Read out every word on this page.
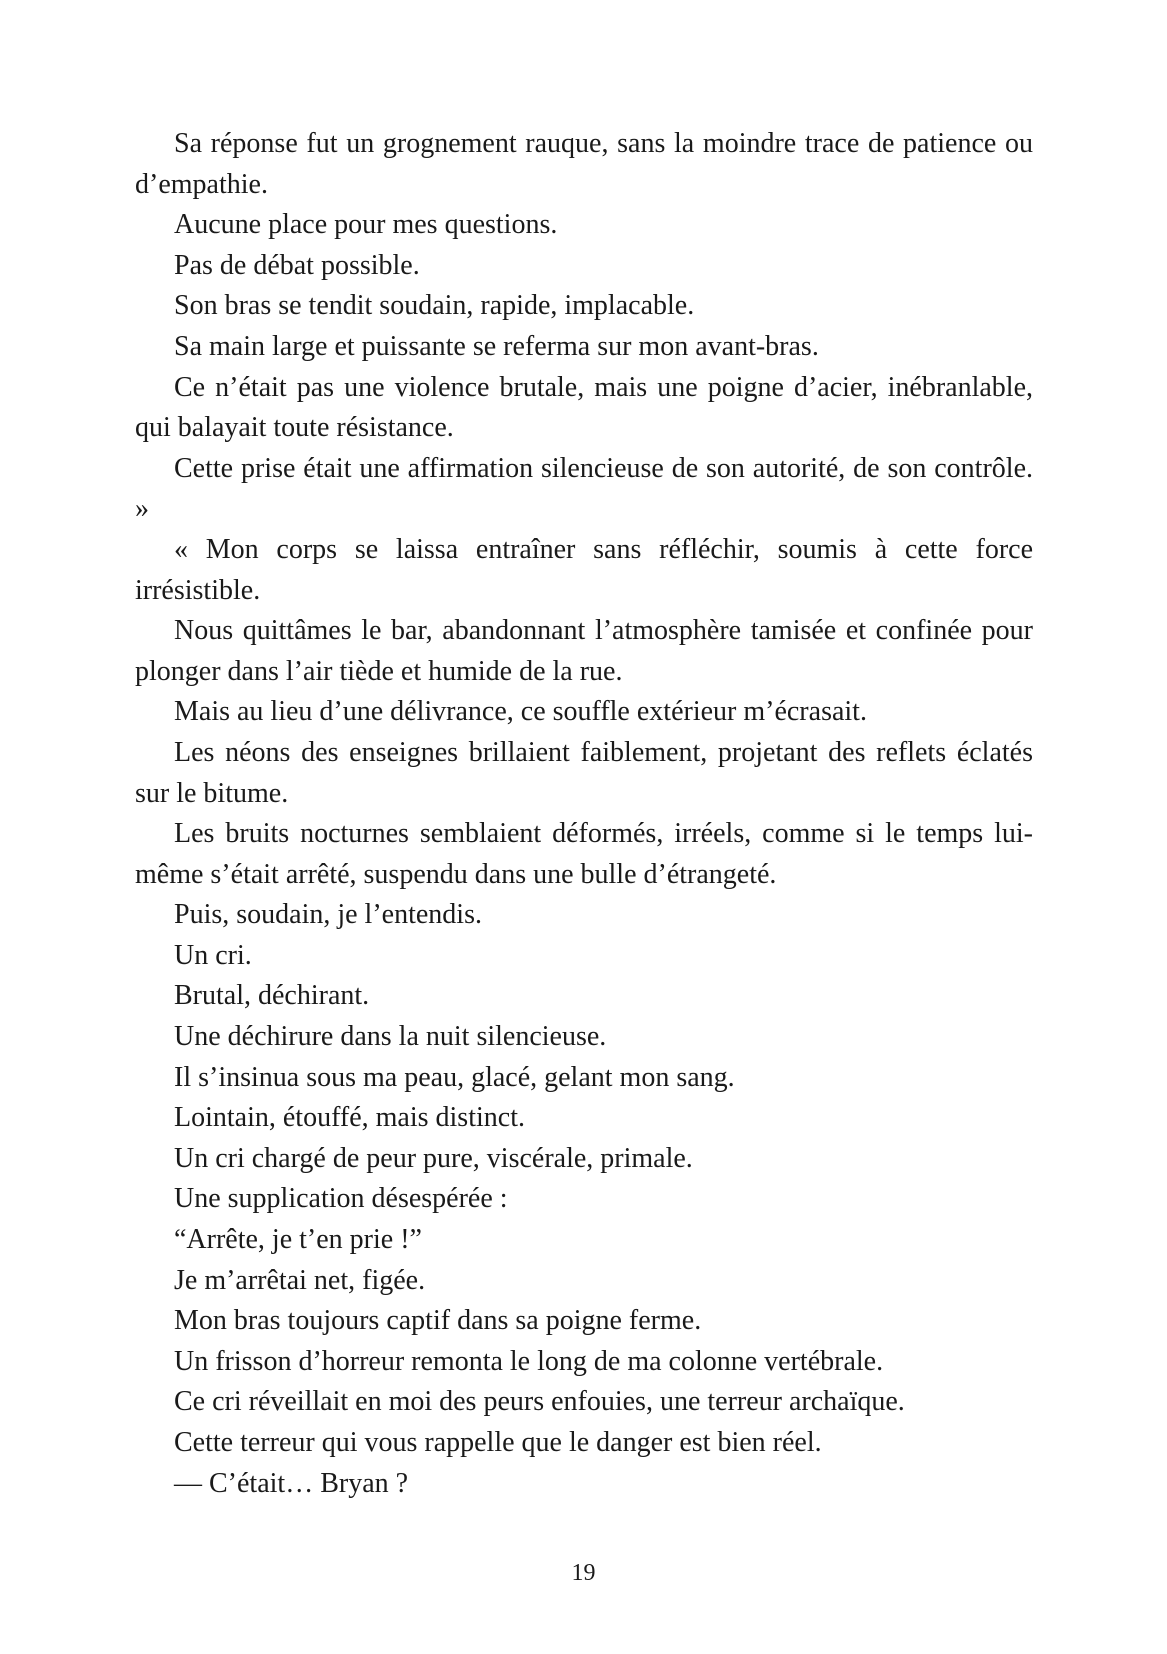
Sa réponse fut un grognement rauque, sans la moindre trace de patience ou d’empathie.

Aucune place pour mes questions.

Pas de débat possible.

Son bras se tendit soudain, rapide, implacable.

Sa main large et puissante se referma sur mon avant-bras.

Ce n’était pas une violence brutale, mais une poigne d’acier, inébranlable, qui balayait toute résistance.

Cette prise était une affirmation silencieuse de son autorité, de son contrôle. »

« Mon corps se laissa entraîner sans réfléchir, soumis à cette force irrésistible.

Nous quittâmes le bar, abandonnant l’atmosphère tamisée et confinée pour plonger dans l’air tiède et humide de la rue.

Mais au lieu d’une délivrance, ce souffle extérieur m’écrasait.

Les néons des enseignes brillaient faiblement, projetant des reflets éclatés sur le bitume.

Les bruits nocturnes semblaient déformés, irréels, comme si le temps lui-même s’était arrêté, suspendu dans une bulle d’étrangeté.

Puis, soudain, je l’entendis.

Un cri.

Brutal, déchirant.

Une déchirure dans la nuit silencieuse.

Il s’insinua sous ma peau, glacé, gelant mon sang.

Lointain, étouffé, mais distinct.

Un cri chargé de peur pure, viscérale, primale.

Une supplication désespérée :

“Arrête, je t’en prie !”

Je m’arrêtai net, figée.

Mon bras toujours captif dans sa poigne ferme.

Un frisson d’horreur remonta le long de ma colonne vertébrale.

Ce cri réveillait en moi des peurs enfouies, une terreur archaïque.

Cette terreur qui vous rappelle que le danger est bien réel.

— C’était… Bryan ?

19
